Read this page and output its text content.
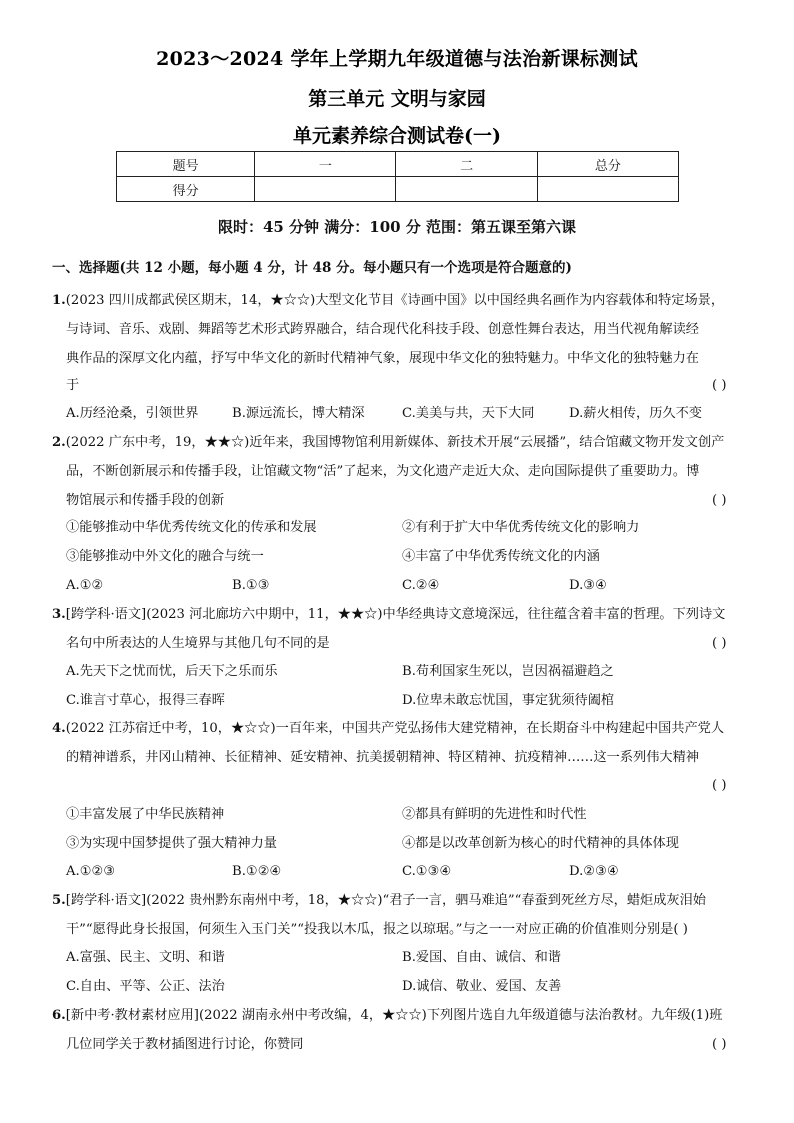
2023～2024 学年上学期九年级道德与法治新课标测试
第三单元 文明与家园
单元素养综合测试卷(一)
题号	一	二	总分
得分			
限时：45 分钟 满分：100 分 范围：第五课至第六课
一、选择题(共 12 小题，每小题 4 分，计 48 分。每小题只有一个选项是符合题意的)
1.(2023 四川成都武侯区期末，14，★☆☆)大型文化节目《诗画中国》以中国经典名画作为内容载体和特定场景，
与诗词、音乐、戏剧、舞蹈等艺术形式跨界融合，结合现代化科技手段、创意性舞台表达，用当代视角解读经
典作品的深厚文化内蕴，抒写中华文化的新时代精神气象，展现中华文化的独特魅力。中华文化的独特魅力在
于	( )
A.历经沧桑，引领世界	B.源远流长，博大精深	C.美美与共，天下大同	D.薪火相传，历久不变
2.(2022 广东中考，19，★★☆)近年来，我国博物馆利用新媒体、新技术开展“云展播”，结合馆藏文物开发文创产
品，不断创新展示和传播手段，让馆藏文物“活”了起来，为文化遗产走近大众、走向国际提供了重要助力。博
物馆展示和传播手段的创新	( )
①能够推动中华优秀传统文化的传承和发展	②有利于扩大中华优秀传统文化的影响力
③能够推动中外文化的融合与统一	④丰富了中华优秀传统文化的内涵
A.①②	B.①③	C.②④	D.③④
3.[跨学科·语文](2023 河北廊坊六中期中，11，★★☆)中华经典诗文意境深远，往往蕴含着丰富的哲理。下列诗文
名句中所表达的人生境界与其他几句不同的是	( )
A.先天下之忧而忧，后天下之乐而乐	B.苟利国家生死以，岂因祸福避趋之
C.谁言寸草心，报得三春晖	D.位卑未敢忘忧国，事定犹须待阖棺
4.(2022 江苏宿迁中考，10，★☆☆)一百年来，中国共产党弘扬伟大建党精神，在长期奋斗中构建起中国共产党人
的精神谱系，井冈山精神、长征精神、延安精神、抗美援朝精神、特区精神、抗疫精神……这一系列伟大精神
( )
①丰富发展了中华民族精神	②都具有鲜明的先进性和时代性
③为实现中国梦提供了强大精神力量	④都是以改革创新为核心的时代精神的具体体现
A.①②③	B.①②④	C.①③④	D.②③④
5.[跨学科·语文](2022 贵州黔东南州中考，18，★☆☆)“君子一言，驷马难追”“春蚕到死丝方尽，蜡炬成灰泪始
干”“愿得此身长报国，何须生入玉门关”“投我以木瓜，报之以琼琚。”与之一一对应正确的价值准则分别是( )
A.富强、民主、文明、和谐	B.爱国、自由、诚信、和谐
C.自由、平等、公正、法治	D.诚信、敬业、爱国、友善
6.[新中考·教材素材应用](2022 湖南永州中考改编，4，★☆☆)下列图片选自九年级道德与法治教材。九年级(1)班
几位同学关于教材插图进行讨论，你赞同	( )
